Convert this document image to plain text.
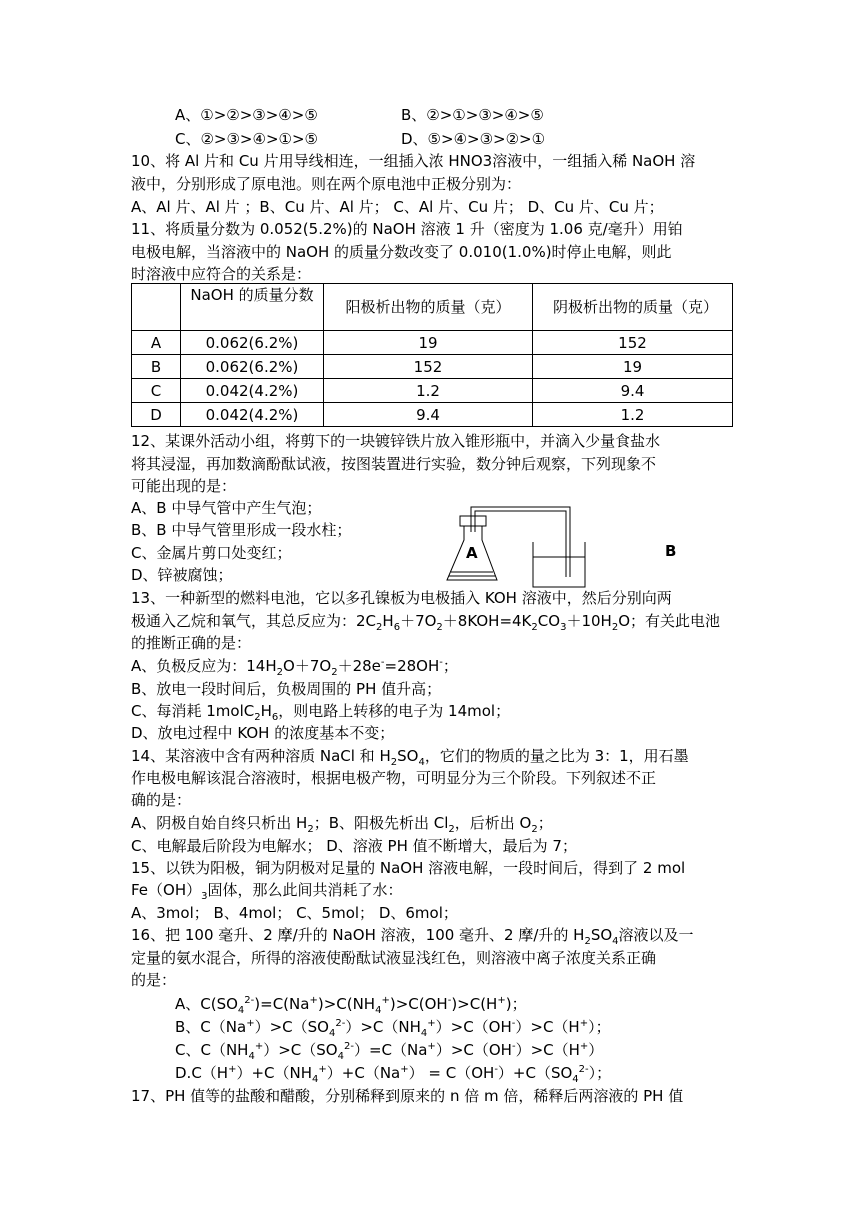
A、①>②>③>④>⑤	B、②>①>③>④>⑤
C、②>③>④>①>⑤	D、⑤>④>③>②>①
10、将 Al 片和 Cu 片用导线相连，一组插入浓 HNO3溶液中，一组插入稀 NaOH 溶
液中，分别形成了原电池。则在两个原电池中正极分别为：
A、Al 片、Al 片 ；B、Cu 片、Al 片； C、Al 片、Cu 片； D、Cu 片、Cu 片；
11、将质量分数为 0.052(5.2%)的 NaOH 溶液 1 升（密度为 1.06 克/毫升）用铂
电极电解，当溶液中的 NaOH 的质量分数改变了 0.010(1.0%)时停止电解，则此
时溶液中应符合的关系是：
	NaOH 的质量分数	阳极析出物的质量（克）	阴极析出物的质量（克）
A	0.062(6.2%)	19	152
B	0.062(6.2%)	152	19
C	0.042(4.2%)	1.2	9.4
D	0.042(4.2%)	9.4	1.2
12、某课外活动小组，将剪下的一块镀锌铁片放入锥形瓶中，并滴入少量食盐水
将其浸湿，再加数滴酚酞试液，按图装置进行实验，数分钟后观察，下列现象不
可能出现的是：
A、B 中导气管中产生气泡；
B、B 中导气管里形成一段水柱；
C、金属片剪口处变红；
D、锌被腐蚀；
A	B
13、一种新型的燃料电池，它以多孔镍板为电极插入 KOH 溶液中，然后分别向两
极通入乙烷和氧气，其总反应为：$2C_2H_6+7O_2+8KOH=4K_2CO_3+10H_2O$；有关此电池
的推断正确的是：
A、负极反应为：$14H_2O+7O_2+28e^-=28OH^-$；
B、放电一段时间后，负极周围的 PH 值升高；
C、每消耗 $1molC_2H_6$，则电路上转移的电子为 14mol；
D、放电过程中 KOH 的浓度基本不变；
14、某溶液中含有两种溶质 NaCl 和 $H_2SO_4$，它们的物质的量之比为 3：1，用石墨
作电极电解该混合溶液时，根据电极产物，可明显分为三个阶段。下列叙述不正
确的是：
A、阴极自始自终只析出 $H_2$；B、阳极先析出 $Cl_2$，后析出 $O_2$；
C、电解最后阶段为电解水； D、溶液 PH 值不断增大，最后为 7；
15、以铁为阳极，铜为阴极对足量的 NaOH 溶液电解，一段时间后，得到了 2 mol
$Fe(OH)_3$固体，那么此间共消耗了水：
A、3mol； B、4mol； C、5mol； D、6mol；
16、把 100 毫升、2 摩/升的 NaOH 溶液，100 毫升、2 摩/升的 $H_2SO_4$溶液以及一
定量的氨水混合，所得的溶液使酚酞试液显浅红色，则溶液中离子浓度关系正确
的是：
A、$C(SO_4^{2-})=C(Na^+)>C(NH_4^+)>C(OH^-)>C(H^+)$；
B、$C(Na^+)>C(SO_4^{2-})>C(NH_4^+)>C(OH^-)>C(H^+)$；
C、$C(NH_4^+)>C(SO_4^{2-})=C(Na^+)>C(OH^-)>C(H^+)$
$D.C(H^+)+C(NH_4^+)+C(Na^+) = C(OH^-)+C(SO_4^{2-})$；
17、PH 值等的盐酸和醋酸，分别稀释到原来的 n 倍 m 倍，稀释后两溶液的 PH 值
